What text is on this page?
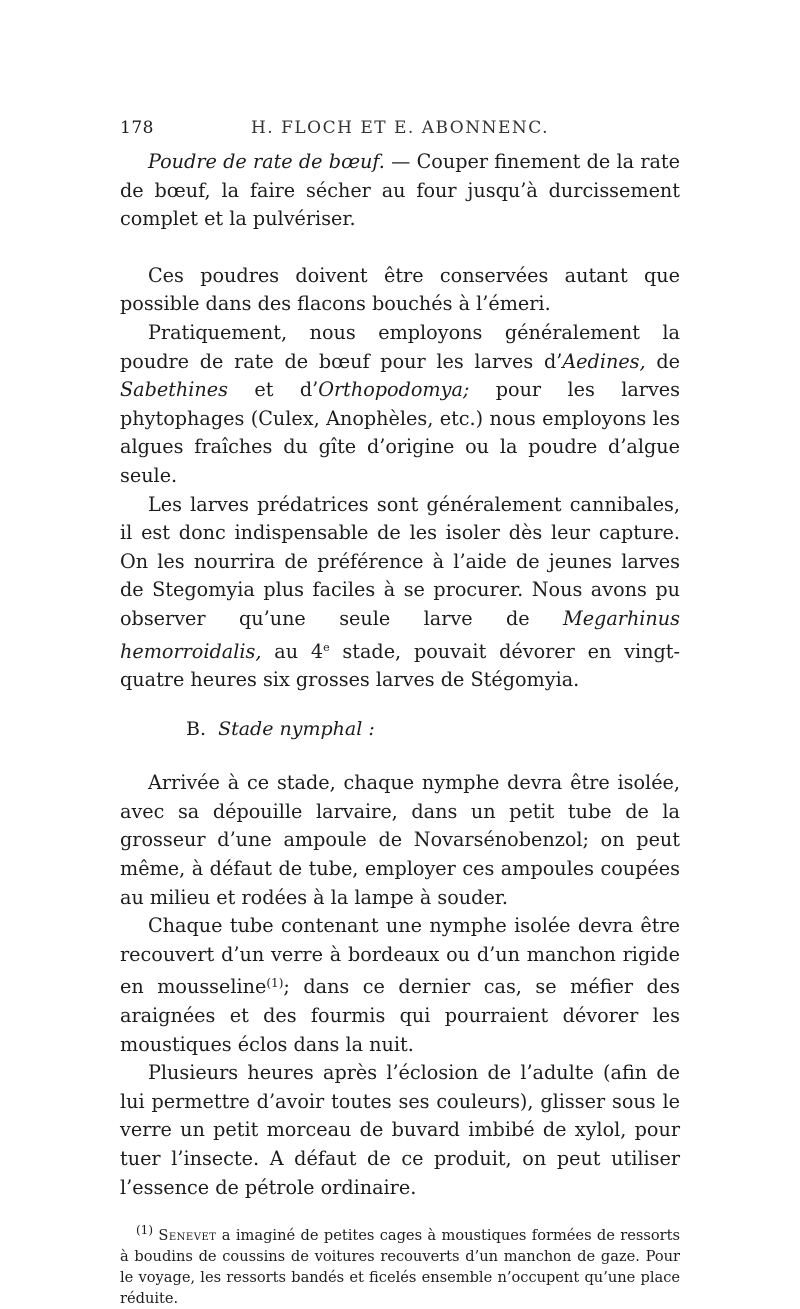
178	H. FLOCH ET E. ABONNENC.

Poudre de rate de bœuf. — Couper finement de la rate de bœuf, la faire sécher au four jusqu’à durcissement complet et la pulvériser.

Ces poudres doivent être conservées autant que possible dans des flacons bouchés à l’émeri.

Pratiquement, nous employons généralement la poudre de rate de bœuf pour les larves d’Aedines, de Sabethines et d’Orthopodomya; pour les larves phytophages (Culex, Anophèles, etc.) nous employons les algues fraîches du gîte d’origine ou la poudre d’algue seule.

Les larves prédatrices sont généralement cannibales, il est donc indispensable de les isoler dès leur capture. On les nourrira de préférence à l’aide de jeunes larves de Stegomyia plus faciles à se procurer. Nous avons pu observer qu’une seule larve de Megarhinus hemorroidalis, au 4e stade, pouvait dévorer en vingt-quatre heures six grosses larves de Stégomyia.

B. Stade nymphal :

Arrivée à ce stade, chaque nymphe devra être isolée, avec sa dépouille larvaire, dans un petit tube de la grosseur d’une ampoule de Novarsénobenzol; on peut même, à défaut de tube, employer ces ampoules coupées au milieu et rodées à la lampe à souder.

Chaque tube contenant une nymphe isolée devra être recouvert d’un verre à bordeaux ou d’un manchon rigide en mousseline$^{(1)}$; dans ce dernier cas, se méfier des araignées et des fourmis qui pourraient dévorer les moustiques éclos dans la nuit.

Plusieurs heures après l’éclosion de l’adulte (afin de lui permettre d’avoir toutes ses couleurs), glisser sous le verre un petit morceau de buvard imbibé de xylol, pour tuer l’insecte. A défaut de ce produit, on peut utiliser l’essence de pétrole ordinaire.

$^{(1)}$ Senevet a imaginé de petites cages à moustiques formées de ressorts à boudins de coussins de voitures recouverts d’un manchon de gaze. Pour le voyage, les ressorts bandés et ficelés ensemble n’occupent qu’une place réduite.
